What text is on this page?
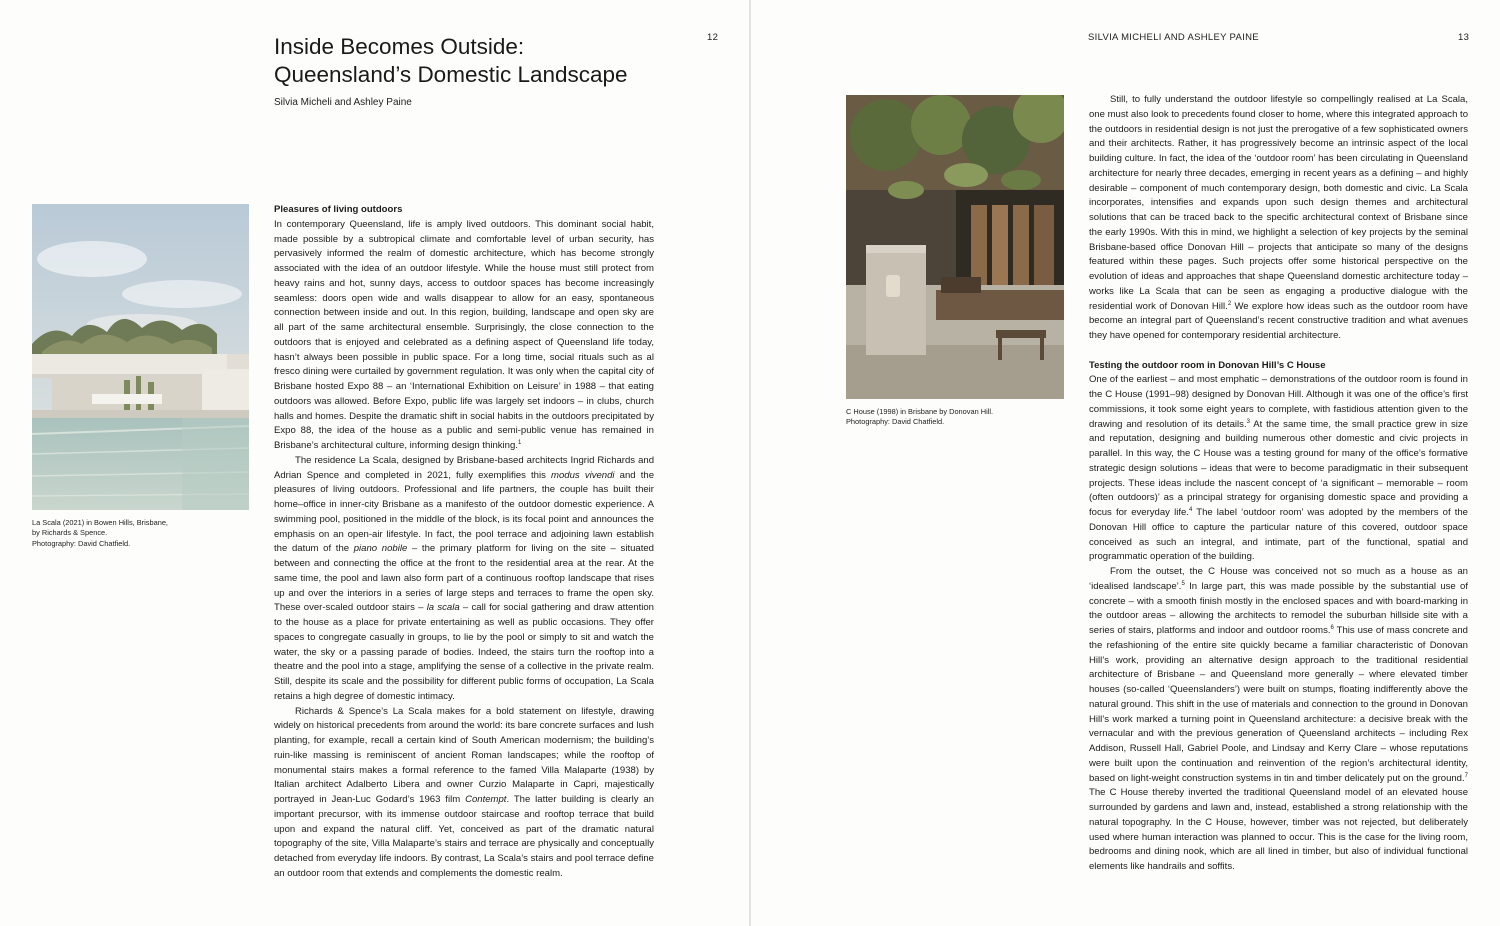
12
Inside Becomes Outside:
Queensland’s Domestic Landscape
Silvia Micheli and Ashley Paine
La Scala (2021) in Bowen Hills, Brisbane,
by Richards & Spence.
Photography: David Chatfield.
Pleasures of living outdoors

In contemporary Queensland, life is amply lived outdoors. This dominant social habit, made possible by a subtropical climate and comfortable level of urban security, has pervasively informed the realm of domestic architecture, which has become strongly associated with the idea of an outdoor lifestyle. While the house must still protect from heavy rains and hot, sunny days, access to outdoor spaces has become increasingly seamless: doors open wide and walls disappear to allow for an easy, spontaneous connection between inside and out. In this region, building, landscape and open sky are all part of the same architectural ensemble. Surprisingly, the close connection to the outdoors that is enjoyed and celebrated as a defining aspect of Queensland life today, hasn’t always been possible in public space. For a long time, social rituals such as al fresco dining were curtailed by government regulation. It was only when the capital city of Brisbane hosted Expo 88 – an ‘International Exhibition on Leisure’ in 1988 – that eating outdoors was allowed. Before Expo, public life was largely set indoors – in clubs, church halls and homes. Despite the dramatic shift in social habits in the outdoors precipitated by Expo 88, the idea of the house as a public and semi-public venue has remained in Brisbane’s architectural culture, informing design thinking.$^1$

The residence La Scala, designed by Brisbane-based architects Ingrid Richards and Adrian Spence and completed in 2021, fully exemplifies this modus vivendi and the pleasures of living outdoors. Professional and life partners, the couple has built their home–office in inner-city Brisbane as a manifesto of the outdoor domestic experience. A swimming pool, positioned in the middle of the block, is its focal point and announces the emphasis on an open-air lifestyle. In fact, the pool terrace and adjoining lawn establish the datum of the piano nobile – the primary platform for living on the site – situated between and connecting the office at the front to the residential area at the rear. At the same time, the pool and lawn also form part of a continuous rooftop landscape that rises up and over the interiors in a series of large steps and terraces to frame the open sky. These over-scaled outdoor stairs – la scala – call for social gathering and draw attention to the house as a place for private entertaining as well as public occasions. They offer spaces to congregate casually in groups, to lie by the pool or simply to sit and watch the water, the sky or a passing parade of bodies. Indeed, the stairs turn the rooftop into a theatre and the pool into a stage, amplifying the sense of a collective in the private realm. Still, despite its scale and the possibility for different public forms of occupation, La Scala retains a high degree of domestic intimacy.

Richards & Spence’s La Scala makes for a bold statement on lifestyle, drawing widely on historical precedents from around the world: its bare concrete surfaces and lush planting, for example, recall a certain kind of South American modernism; the building’s ruin-like massing is reminiscent of ancient Roman landscapes; while the rooftop of monumental stairs makes a formal reference to the famed Villa Malaparte (1938) by Italian architect Adalberto Libera and owner Curzio Malaparte in Capri, majestically portrayed in Jean-Luc Godard’s 1963 film Contempt. The latter building is clearly an important precursor, with its immense outdoor staircase and rooftop terrace that build upon and expand the natural cliff. Yet, conceived as part of the dramatic natural topography of the site, Villa Malaparte’s stairs and terrace are physically and conceptually detached from everyday life indoors. By contrast, La Scala’s stairs and pool terrace define an outdoor room that extends and complements the domestic realm.

SILVIA MICHELI AND ASHLEY PAINE	13
C House (1998) in Brisbane by Donovan Hill.
Photography: David Chatfield.

Still, to fully understand the outdoor lifestyle so compellingly realised at La Scala, one must also look to precedents found closer to home, where this integrated approach to the outdoors in residential design is not just the prerogative of a few sophisticated owners and their architects. Rather, it has progressively become an intrinsic aspect of the local building culture. In fact, the idea of the ‘outdoor room’ has been circulating in Queensland architecture for nearly three decades, emerging in recent years as a defining – and highly desirable – component of much contemporary design, both domestic and civic. La Scala incorporates, intensifies and expands upon such design themes and architectural solutions that can be traced back to the specific architectural context of Brisbane since the early 1990s. With this in mind, we highlight a selection of key projects by the seminal Brisbane-based office Donovan Hill – projects that anticipate so many of the designs featured within these pages. Such projects offer some historical perspective on the evolution of ideas and approaches that shape Queensland domestic architecture today – works like La Scala that can be seen as engaging a productive dialogue with the residential work of Donovan Hill.$^2$ We explore how ideas such as the outdoor room have become an integral part of Queensland’s recent constructive tradition and what avenues they have opened for contemporary residential architecture.

Testing the outdoor room in Donovan Hill’s C House

One of the earliest – and most emphatic – demonstrations of the outdoor room is found in the C House (1991–98) designed by Donovan Hill. Although it was one of the office’s first commissions, it took some eight years to complete, with fastidious attention given to the drawing and resolution of its details.$^3$ At the same time, the small practice grew in size and reputation, designing and building numerous other domestic and civic projects in parallel. In this way, the C House was a testing ground for many of the office’s formative strategic design solutions – ideas that were to become paradigmatic in their subsequent projects. These ideas include the nascent concept of ‘a significant – memorable – room (often outdoors)’ as a principal strategy for organising domestic space and providing a focus for everyday life.$^4$ The label ‘outdoor room’ was adopted by the members of the Donovan Hill office to capture the particular nature of this covered, outdoor space conceived as such an integral, and intimate, part of the functional, spatial and programmatic operation of the building.

From the outset, the C House was conceived not so much as a house as an ‘idealised landscape’.$^5$ In large part, this was made possible by the substantial use of concrete – with a smooth finish mostly in the enclosed spaces and with board-marking in the outdoor areas – allowing the architects to remodel the suburban hillside site with a series of stairs, platforms and indoor and outdoor rooms.$^6$ This use of mass concrete and the refashioning of the entire site quickly became a familiar characteristic of Donovan Hill’s work, providing an alternative design approach to the traditional residential architecture of Brisbane – and Queensland more generally – where elevated timber houses (so-called ‘Queenslanders’) were built on stumps, floating indifferently above the natural ground. This shift in the use of materials and connection to the ground in Donovan Hill’s work marked a turning point in Queensland architecture: a decisive break with the vernacular and with the previous generation of Queensland architects – including Rex Addison, Russell Hall, Gabriel Poole, and Lindsay and Kerry Clare – whose reputations were built upon the continuation and reinvention of the region’s architectural identity, based on light-weight construction systems in tin and timber delicately put on the ground.$^7$ The C House thereby inverted the traditional Queensland model of an elevated house surrounded by gardens and lawn and, instead, established a strong relationship with the natural topography. In the C House, however, timber was not rejected, but deliberately used where human interaction was planned to occur. This is the case for the living room, bedrooms and dining nook, which are all lined in timber, but also of individual functional elements like handrails and soffits.
